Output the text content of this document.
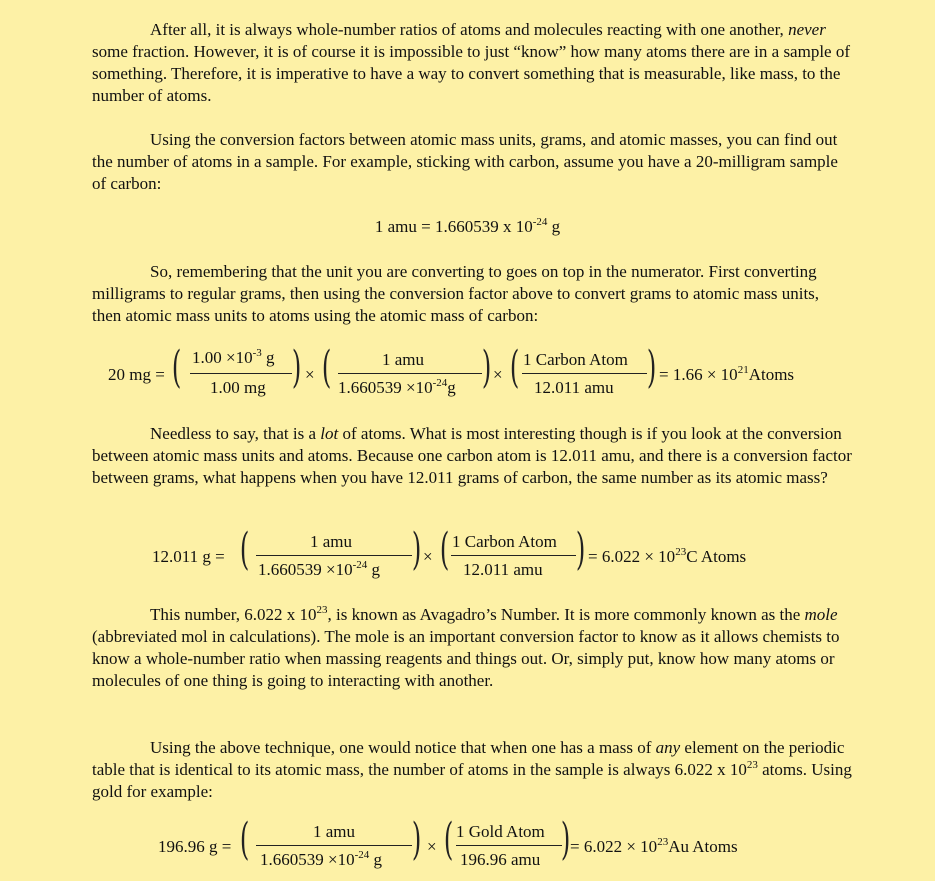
After all, it is always whole-number ratios of atoms and molecules reacting with one another, never some fraction. However, it is of course it is impossible to just “know” how many atoms there are in a sample of something. Therefore, it is imperative to have a way to convert something that is measurable, like mass, to the number of atoms.

Using the conversion factors between atomic mass units, grams, and atomic masses, you can find out the number of atoms in a sample. For example, sticking with carbon, assume you have a 20-milligram sample of carbon:

1 amu = 1.660539 x $10^{-24}$ g

So, remembering that the unit you are converting to goes on top in the numerator. First converting milligrams to regular grams, then using the conversion factor above to convert grams to atomic mass units, then atomic mass units to atoms using the atomic mass of carbon:

20 mg = ( $1.00 \times 10^{-3}$ g
1.00 mg ) × (	1 amu
$1.660539 \times 10^{-24}g$ ) × ( 1 Carbon Atom
12.011 amu ) = $1.66 \times 10^{21}Atoms$

Needless to say, that is a lot of atoms. What is most interesting though is if you look at the conversion between atomic mass units and atoms. Because one carbon atom is 12.011 amu, and there is a conversion factor between grams, what happens when you have 12.011 grams of carbon, the same number as its atomic mass?

12.011 g = (	1 amu
$1.660539 \times 10^{-24}$ g ) × ( 1 Carbon Atom
12.011 amu ) = $6.022 \times 10^{23}C$ Atoms

This number, 6.022 x $10^{23}$, is known as Avagadro’s Number. It is more commonly known as the mole (abbreviated mol in calculations). The mole is an important conversion factor to know as it allows chemists to know a whole-number ratio when massing reagents and things out. Or, simply put, know how many atoms or molecules of one thing is going to interacting with another.

Using the above technique, one would notice that when one has a mass of any element on the periodic table that is identical to its atomic mass, the number of atoms in the sample is always 6.022 x $10^{23}$ atoms. Using gold for example:

196.96 g = (	1 amu
$1.660539 \times 10^{-24}$ g ) × ( 1 Gold Atom
196.96 amu ) = $6.022 \times 10^{23}Au$ Atoms
